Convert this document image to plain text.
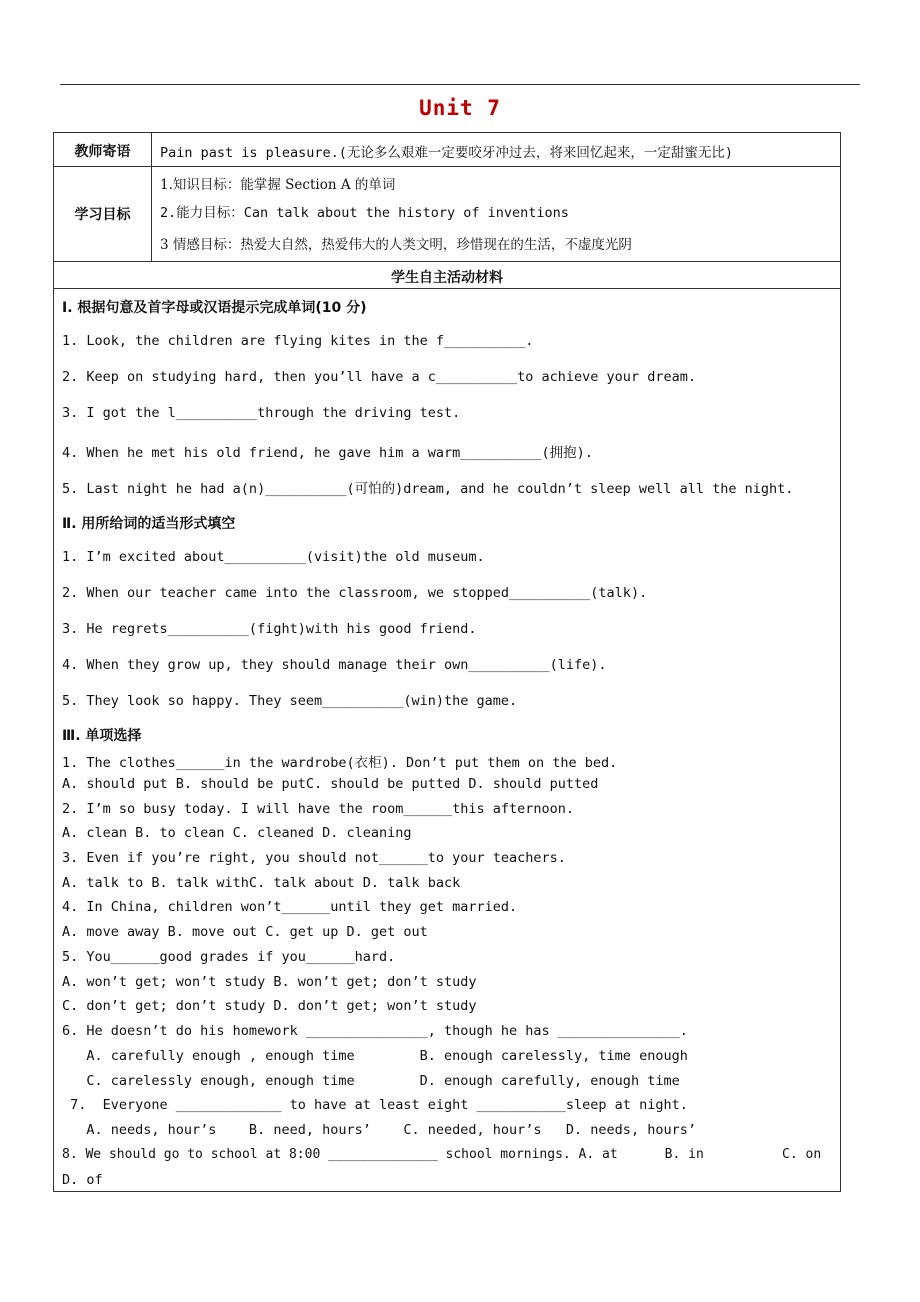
Unit 7
教师寄语	Pain past is pleasure.(无论多么艰难一定要咬牙冲过去，将来回忆起来，一定甜蜜无比)
学习目标
1.知识目标：能掌握 Section A 的单词
2.能力目标：Can talk about the history of inventions
3 情感目标：热爱大自然，热爱伟大的人类文明，珍惜现在的生活，不虚度光阴
学生自主活动材料
Ⅰ. 根据句意及首字母或汉语提示完成单词(10 分)
1. Look, the children are flying kites in the f__________.
2. Keep on studying hard, then you’ll have a c__________to achieve your dream.
3. I got the l__________through the driving test.
4. When he met his old friend, he gave him a warm__________(拥抱).
5. Last night he had a(n)__________(可怕的)dream, and he couldn’t sleep well all the night.
Ⅱ. 用所给词的适当形式填空
1. I’m excited about__________(visit)the old museum.
2. When our teacher came into the classroom, we stopped__________(talk).
3. He regrets__________(fight)with his good friend.
4. When they grow up, they should manage their own__________(life).
5. They look so happy. They seem__________(win)the game.
Ⅲ. 单项选择
1. The clothes______in the wardrobe(衣柜). Don’t put them on the bed.
A. should put B. should be putC. should be putted D. should putted
2. I’m so busy today. I will have the room______this afternoon.
A. clean B. to clean C. cleaned D. cleaning
3. Even if you’re right, you should not______to your teachers.
A. talk to B. talk withC. talk about D. talk back
4. In China, children won’t______until they get married.
A. move away B. move out C. get up D. get out
5. You______good grades if you______hard.
A. won’t get; won’t study B. won’t get; don’t study
C. don’t get; don’t study D. don’t get; won’t study
6. He doesn’t do his homework _______________, though he has _______________.
A. carefully enough , enough time        B. enough carelessly, time enough
C. carelessly enough, enough time        D. enough carefully, enough time
7.  Everyone _____________ to have at least eight ___________sleep at night.
A. needs, hour’s    B. need, hours’    C. needed, hour’s   D. needs, hours’
8. We should go to school at 8:00 ______________ school mornings. A. at      B. in          C. on
D. of
